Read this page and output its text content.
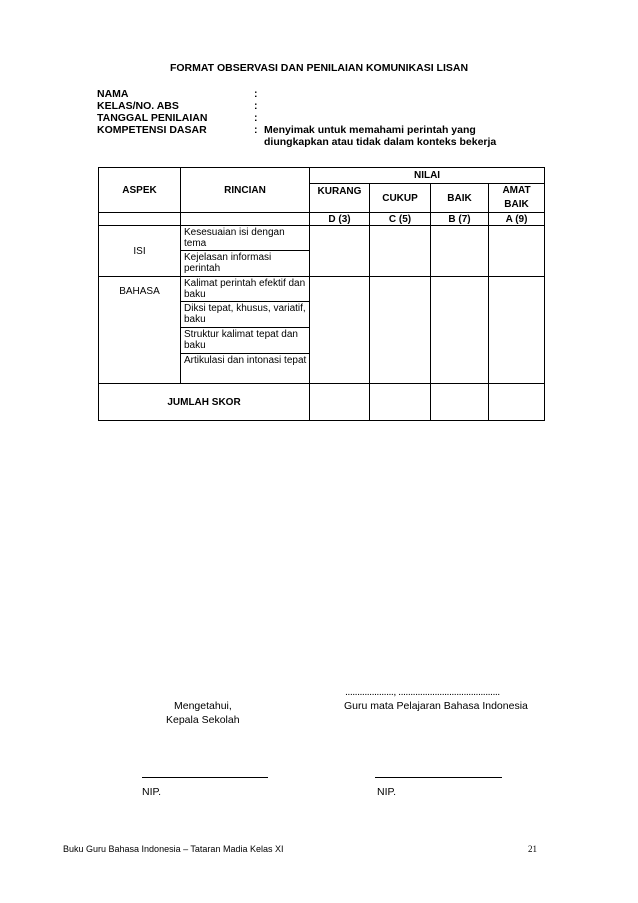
FORMAT OBSERVASI DAN PENILAIAN KOMUNIKASI LISAN
NAMA	:
KELAS/NO. ABS	:
TANGGAL PENILAIAN	:
KOMPETENSI DASAR	: Menyimak untuk memahami perintah yang
diungkapkan atau tidak dalam konteks bekerja
ASPEK	RINCIAN	NILAI			
		KURANG	CUKUP	BAIK	AMAT BAIK
		D (3)	C (5)	B (7)	A (9)
ISI	Kesesuaian isi dengan tema				
	Kejelasan informasi perintah				
BAHASA	Kalimat perintah efektif dan baku				
	Diksi tepat, khusus, variatif, baku				
	Struktur kalimat tepat dan baku				
	Artikulasi dan intonasi tepat				
JUMLAH SKOR					
...................., ..........................................
Mengetahui,	Guru mata Pelajaran Bahasa Indonesia
Kepala Sekolah
NIP.	NIP.
Buku Guru Bahasa Indonesia – Tataran Madia Kelas XI	21
